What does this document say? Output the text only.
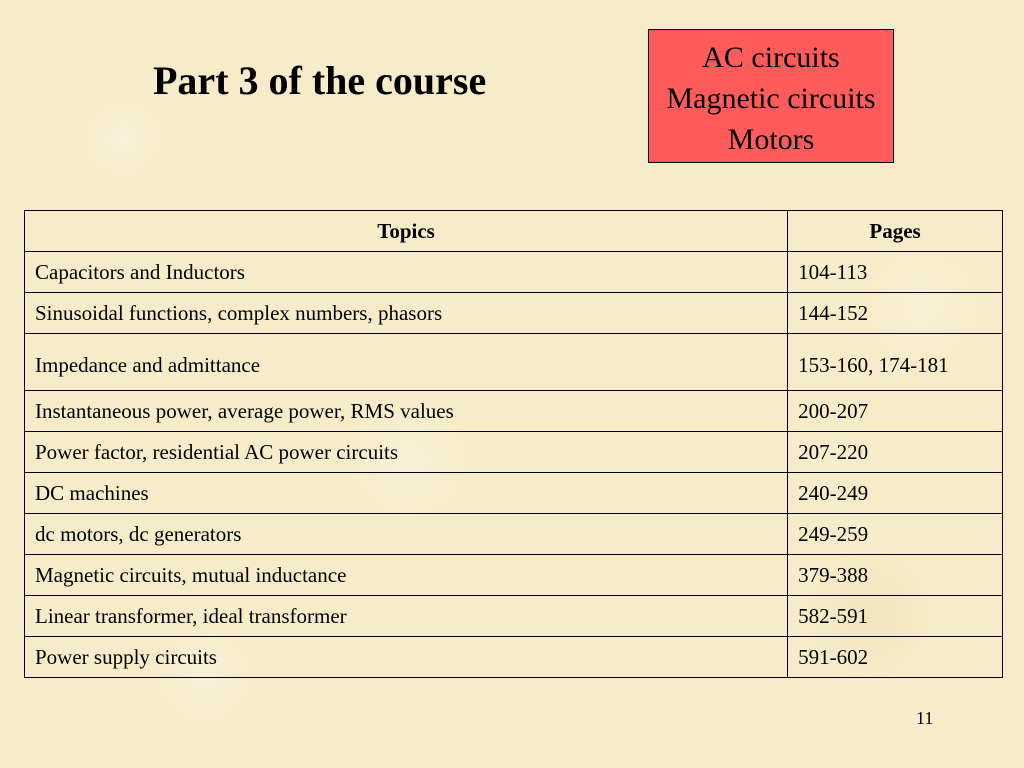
Part 3 of the course
AC circuits
Magnetic circuits
Motors
Topics	Pages
Capacitors and Inductors	104-113
Sinusoidal functions, complex numbers, phasors	144-152
Impedance and admittance	153-160, 174-181
Instantaneous power, average power, RMS values	200-207
Power factor, residential AC power circuits	207-220
DC machines	240-249
dc motors, dc generators	249-259
Magnetic circuits, mutual inductance	379-388
Linear transformer, ideal transformer	582-591
Power supply circuits	591-602
11
